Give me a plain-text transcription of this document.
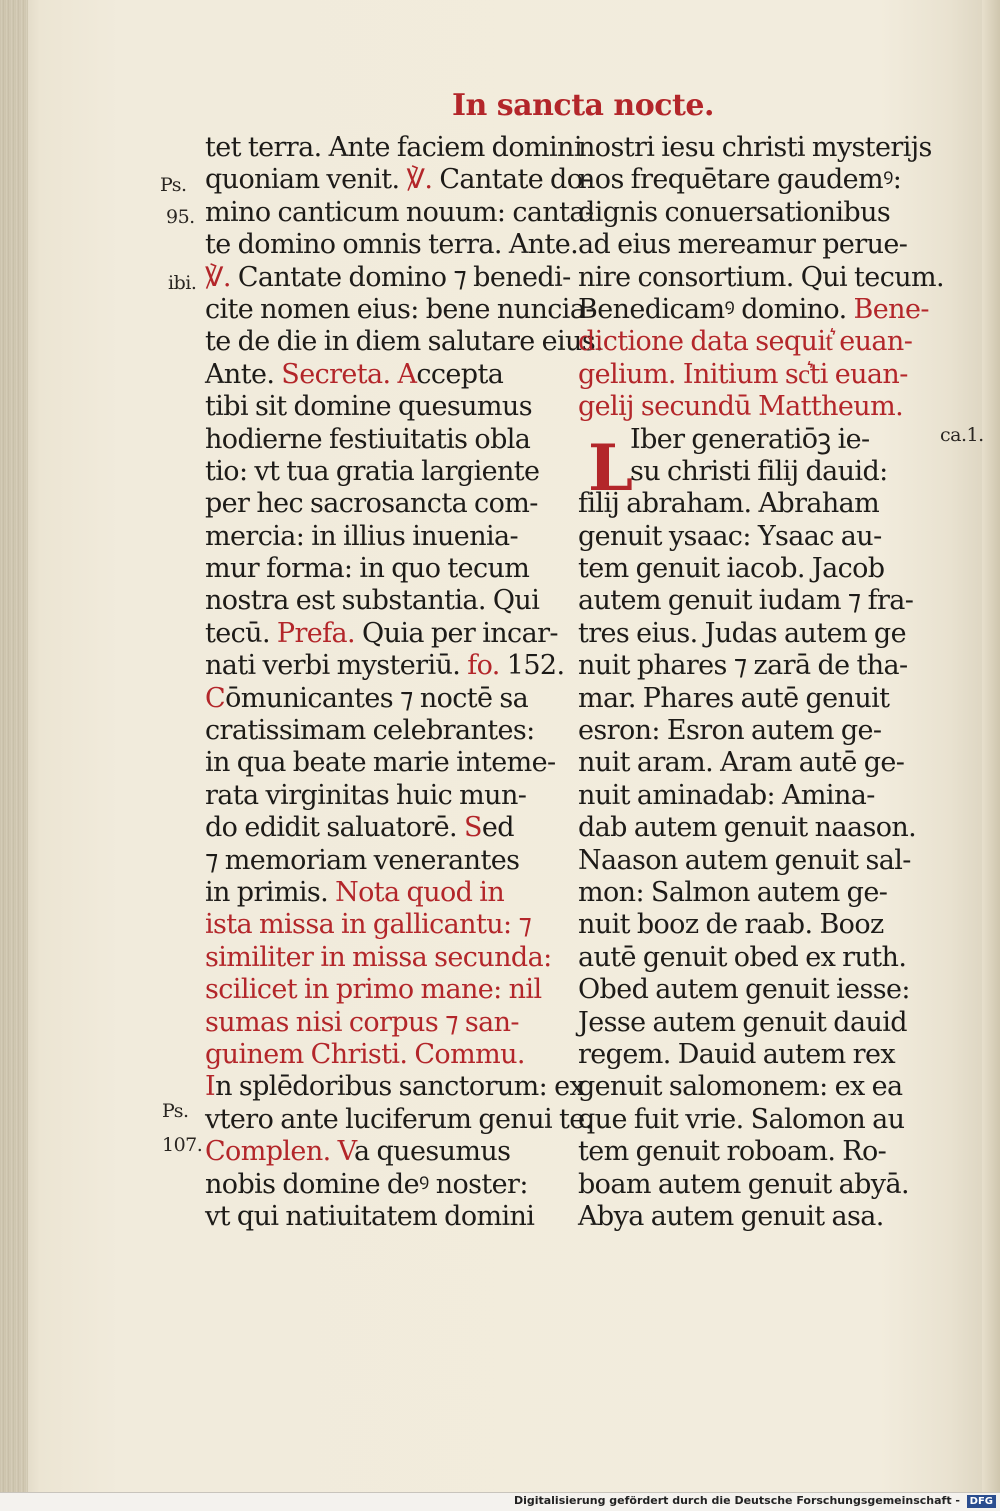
In sancta nocte.
Ps.
95.
ibi.
Ps.
107.
ca.1.
tet terra. Ante faciem domini
quoniam venit. ℣. Cantate do-
mino canticum nouum: canta-
te domino omnis terra. Ante.
℣. Cantate domino ⁊ benedi-
cite nomen eius: bene nuncia-
te de die in diem salutare eius.
Ante. Secreta. Accepta
tibi sit domine quesumus
hodierne festiuitatis obla
tio: vt tua gratia largiente
per hec sacrosancta com-
mercia: in illius inuenia-
mur forma: in quo tecum
nostra est substantia. Qui
tecū. Prefa. Quia per incar-
nati verbi mysteriū. fo. 152.
Cōmunicantes ⁊ noctē sa
cratissimam celebrantes:
in qua beate marie inteme-
rata virginitas huic mun-
do edidit saluatorē. Sed
⁊ memoriam venerantes
in primis. Nota quod in
ista missa in gallicantu: ⁊
similiter in missa secunda:
scilicet in primo mane: nil
sumas nisi corpus ⁊ san-
guinem Christi. Commu.
In splēdoribus sanctorum: ex
vtero ante luciferum genui te.
Complen. Va quesumus
nobis domine deꝰ noster:
vt qui natiuitatem domini
nostri iesu christi mysterijs
nos frequētare gaudemꝰ:
dignis conuersationibus
ad eius mereamur perue-
nire consortium. Qui tecum.
Benedicamꝰ domino. Bene-
dictione data sequit͛ euan-
gelium. Initium sc͛ti euan-
gelij secundū Mattheum.
Iber generatiōꝫ ie-
su christi filij dauid:
filij abraham. Abraham
genuit ysaac: Ysaac au-
tem genuit iacob. Jacob
autem genuit iudam ⁊ fra-
tres eius. Judas autem ge
nuit phares ⁊ zarā de tha-
mar. Phares autē genuit
esron: Esron autem ge-
nuit aram. Aram autē ge-
nuit aminadab: Amina-
dab autem genuit naason.
Naason autem genuit sal-
mon: Salmon autem ge-
nuit booz de raab. Booz
autē genuit obed ex ruth.
Obed autem genuit iesse:
Jesse autem genuit dauid
regem. Dauid autem rex
genuit salomonem: ex ea
que fuit vrie. Salomon au
tem genuit roboam. Ro-
boam autem genuit abyā.
Abya autem genuit asa.
L
Digitalisierung gefördert durch die Deutsche Forschungsgemeinschaft - DFG
